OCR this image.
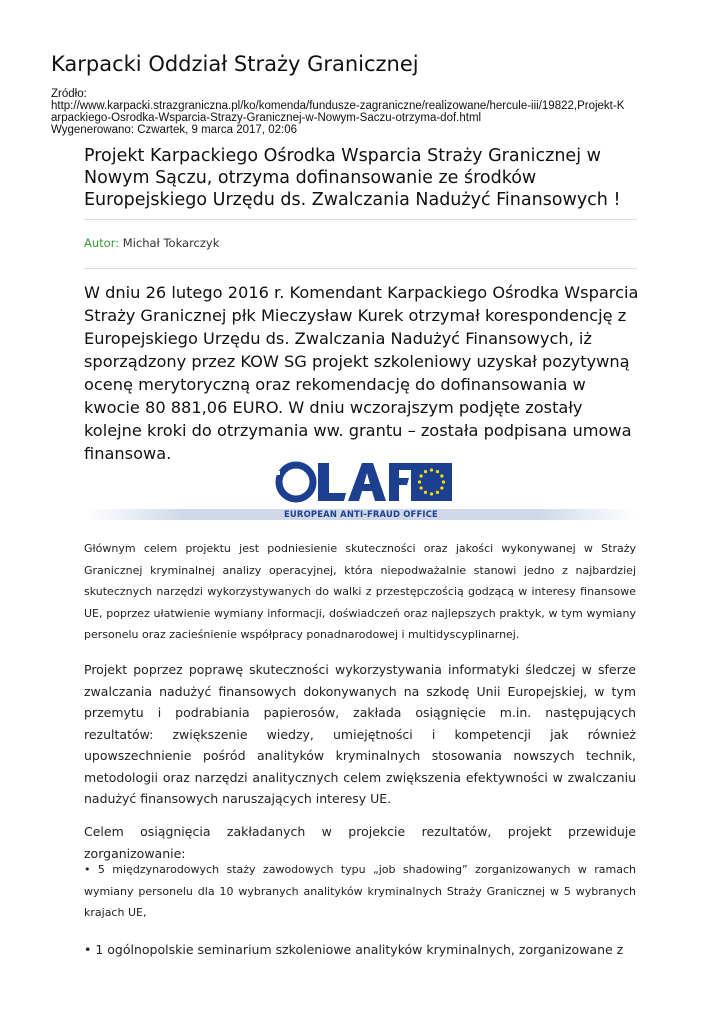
Karpacki Oddział Straży Granicznej
Źródło:
http://www.karpacki.strazgraniczna.pl/ko/komenda/fundusze-zagraniczne/realizowane/hercule-iii/19822,Projekt-K
arpackiego-Osrodka-Wsparcia-Strazy-Granicznej-w-Nowym-Saczu-otrzyma-dof.html
Wygenerowano: Czwartek, 9 marca 2017, 02:06
Projekt Karpackiego Ośrodka Wsparcia Straży Granicznej w Nowym Sączu, otrzyma dofinansowanie ze środków Europejskiego Urzędu ds. Zwalczania Nadużyć Finansowych !
Autor: Michał Tokarczyk

W dniu 26 lutego 2016 r. Komendant Karpackiego Ośrodka Wsparcia Straży Granicznej płk Mieczysław Kurek otrzymał korespondencję z Europejskiego Urzędu ds. Zwalczania Nadużyć Finansowych, iż sporządzony przez KOW SG projekt szkoleniowy uzyskał pozytywną ocenę merytoryczną oraz rekomendację do dofinansowania w kwocie 80 881,06 EURO. W dniu wczorajszym podjęte zostały kolejne kroki do otrzymania ww. grantu – została podpisana umowa finansowa.

EUROPEAN ANTI-FRAUD OFFICE

Głównym celem projektu jest podniesienie skuteczności oraz jakości wykonywanej w Straży Granicznej kryminalnej analizy operacyjnej, która niepodważalnie stanowi jedno z najbardziej skutecznych narzędzi wykorzystywanych do walki z przestępczością godzącą w interesy finansowe UE, poprzez ułatwienie wymiany informacji, doświadczeń oraz najlepszych praktyk, w tym wymiany personelu oraz zacieśnienie współpracy ponadnarodowej i multidyscyplinarnej.

Projekt poprzez poprawę skuteczności wykorzystywania informatyki śledczej w sferze zwalczania nadużyć finansowych dokonywanych na szkodę Unii Europejskiej, w tym przemytu i podrabiania papierosów, zakłada osiągnięcie m.in. następujących rezultatów: zwiększenie wiedzy, umiejętności i kompetencji jak również upowszechnienie pośród analityków kryminalnych stosowania nowszych technik, metodologii oraz narzędzi analitycznych celem zwiększenia efektywności w zwalczaniu nadużyć finansowych naruszających interesy UE.

Celem osiągnięcia zakładanych w projekcie rezultatów, projekt przewiduje zorganizowanie:

• 5 międzynarodowych staży zawodowych typu „job shadowing” zorganizowanych w ramach wymiany personelu dla 10 wybranych analityków kryminalnych Straży Granicznej w 5 wybranych krajach UE,

• 1 ogólnopolskie seminarium szkoleniowe analityków kryminalnych, zorganizowane z
